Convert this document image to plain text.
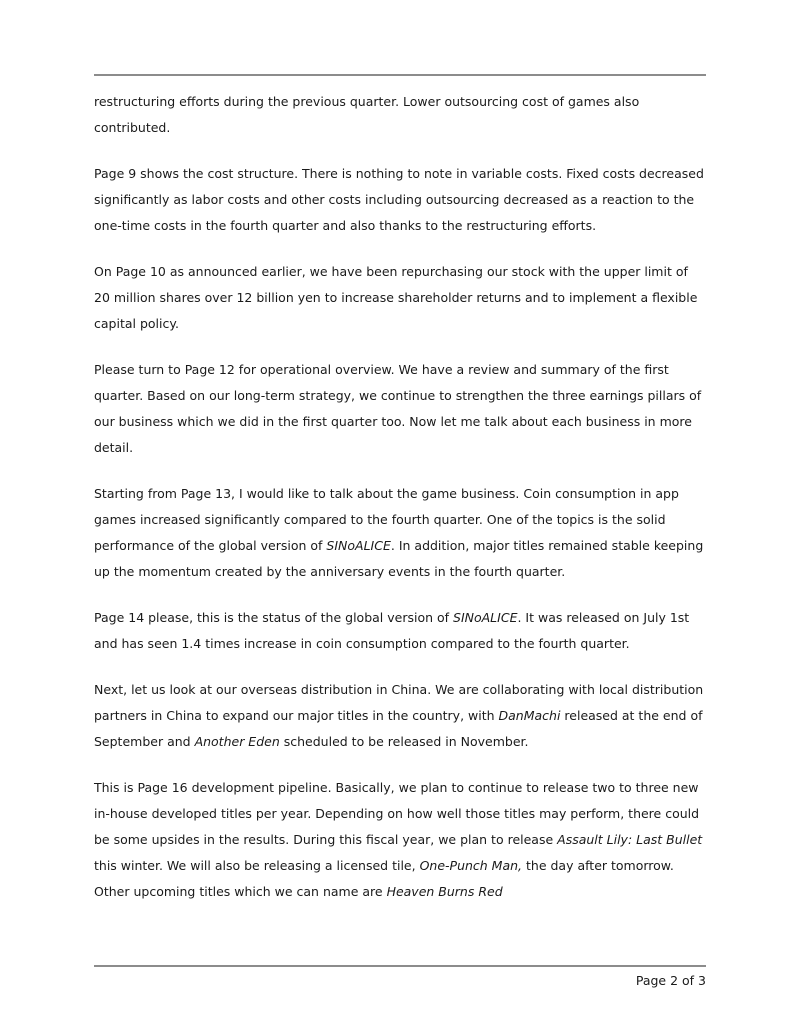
restructuring efforts during the previous quarter. Lower outsourcing cost of games also contributed.

Page 9 shows the cost structure. There is nothing to note in variable costs. Fixed costs decreased significantly as labor costs and other costs including outsourcing decreased as a reaction to the one-time costs in the fourth quarter and also thanks to the restructuring efforts.

On Page 10 as announced earlier, we have been repurchasing our stock with the upper limit of 20 million shares over 12 billion yen to increase shareholder returns and to implement a flexible capital policy.

Please turn to Page 12 for operational overview. We have a review and summary of the first quarter. Based on our long-term strategy, we continue to strengthen the three earnings pillars of our business which we did in the first quarter too. Now let me talk about each business in more detail.

Starting from Page 13, I would like to talk about the game business. Coin consumption in app games increased significantly compared to the fourth quarter. One of the topics is the solid performance of the global version of SINoALICE. In addition, major titles remained stable keeping up the momentum created by the anniversary events in the fourth quarter.

Page 14 please, this is the status of the global version of SINoALICE. It was released on July 1st and has seen 1.4 times increase in coin consumption compared to the fourth quarter.

Next, let us look at our overseas distribution in China. We are collaborating with local distribution partners in China to expand our major titles in the country, with DanMachi released at the end of September and Another Eden scheduled to be released in November.

This is Page 16 development pipeline. Basically, we plan to continue to release two to three new in-house developed titles per year. Depending on how well those titles may perform, there could be some upsides in the results. During this fiscal year, we plan to release Assault Lily: Last Bullet this winter. We will also be releasing a licensed tile, One-Punch Man, the day after tomorrow. Other upcoming titles which we can name are Heaven Burns Red

Page 2 of 3
